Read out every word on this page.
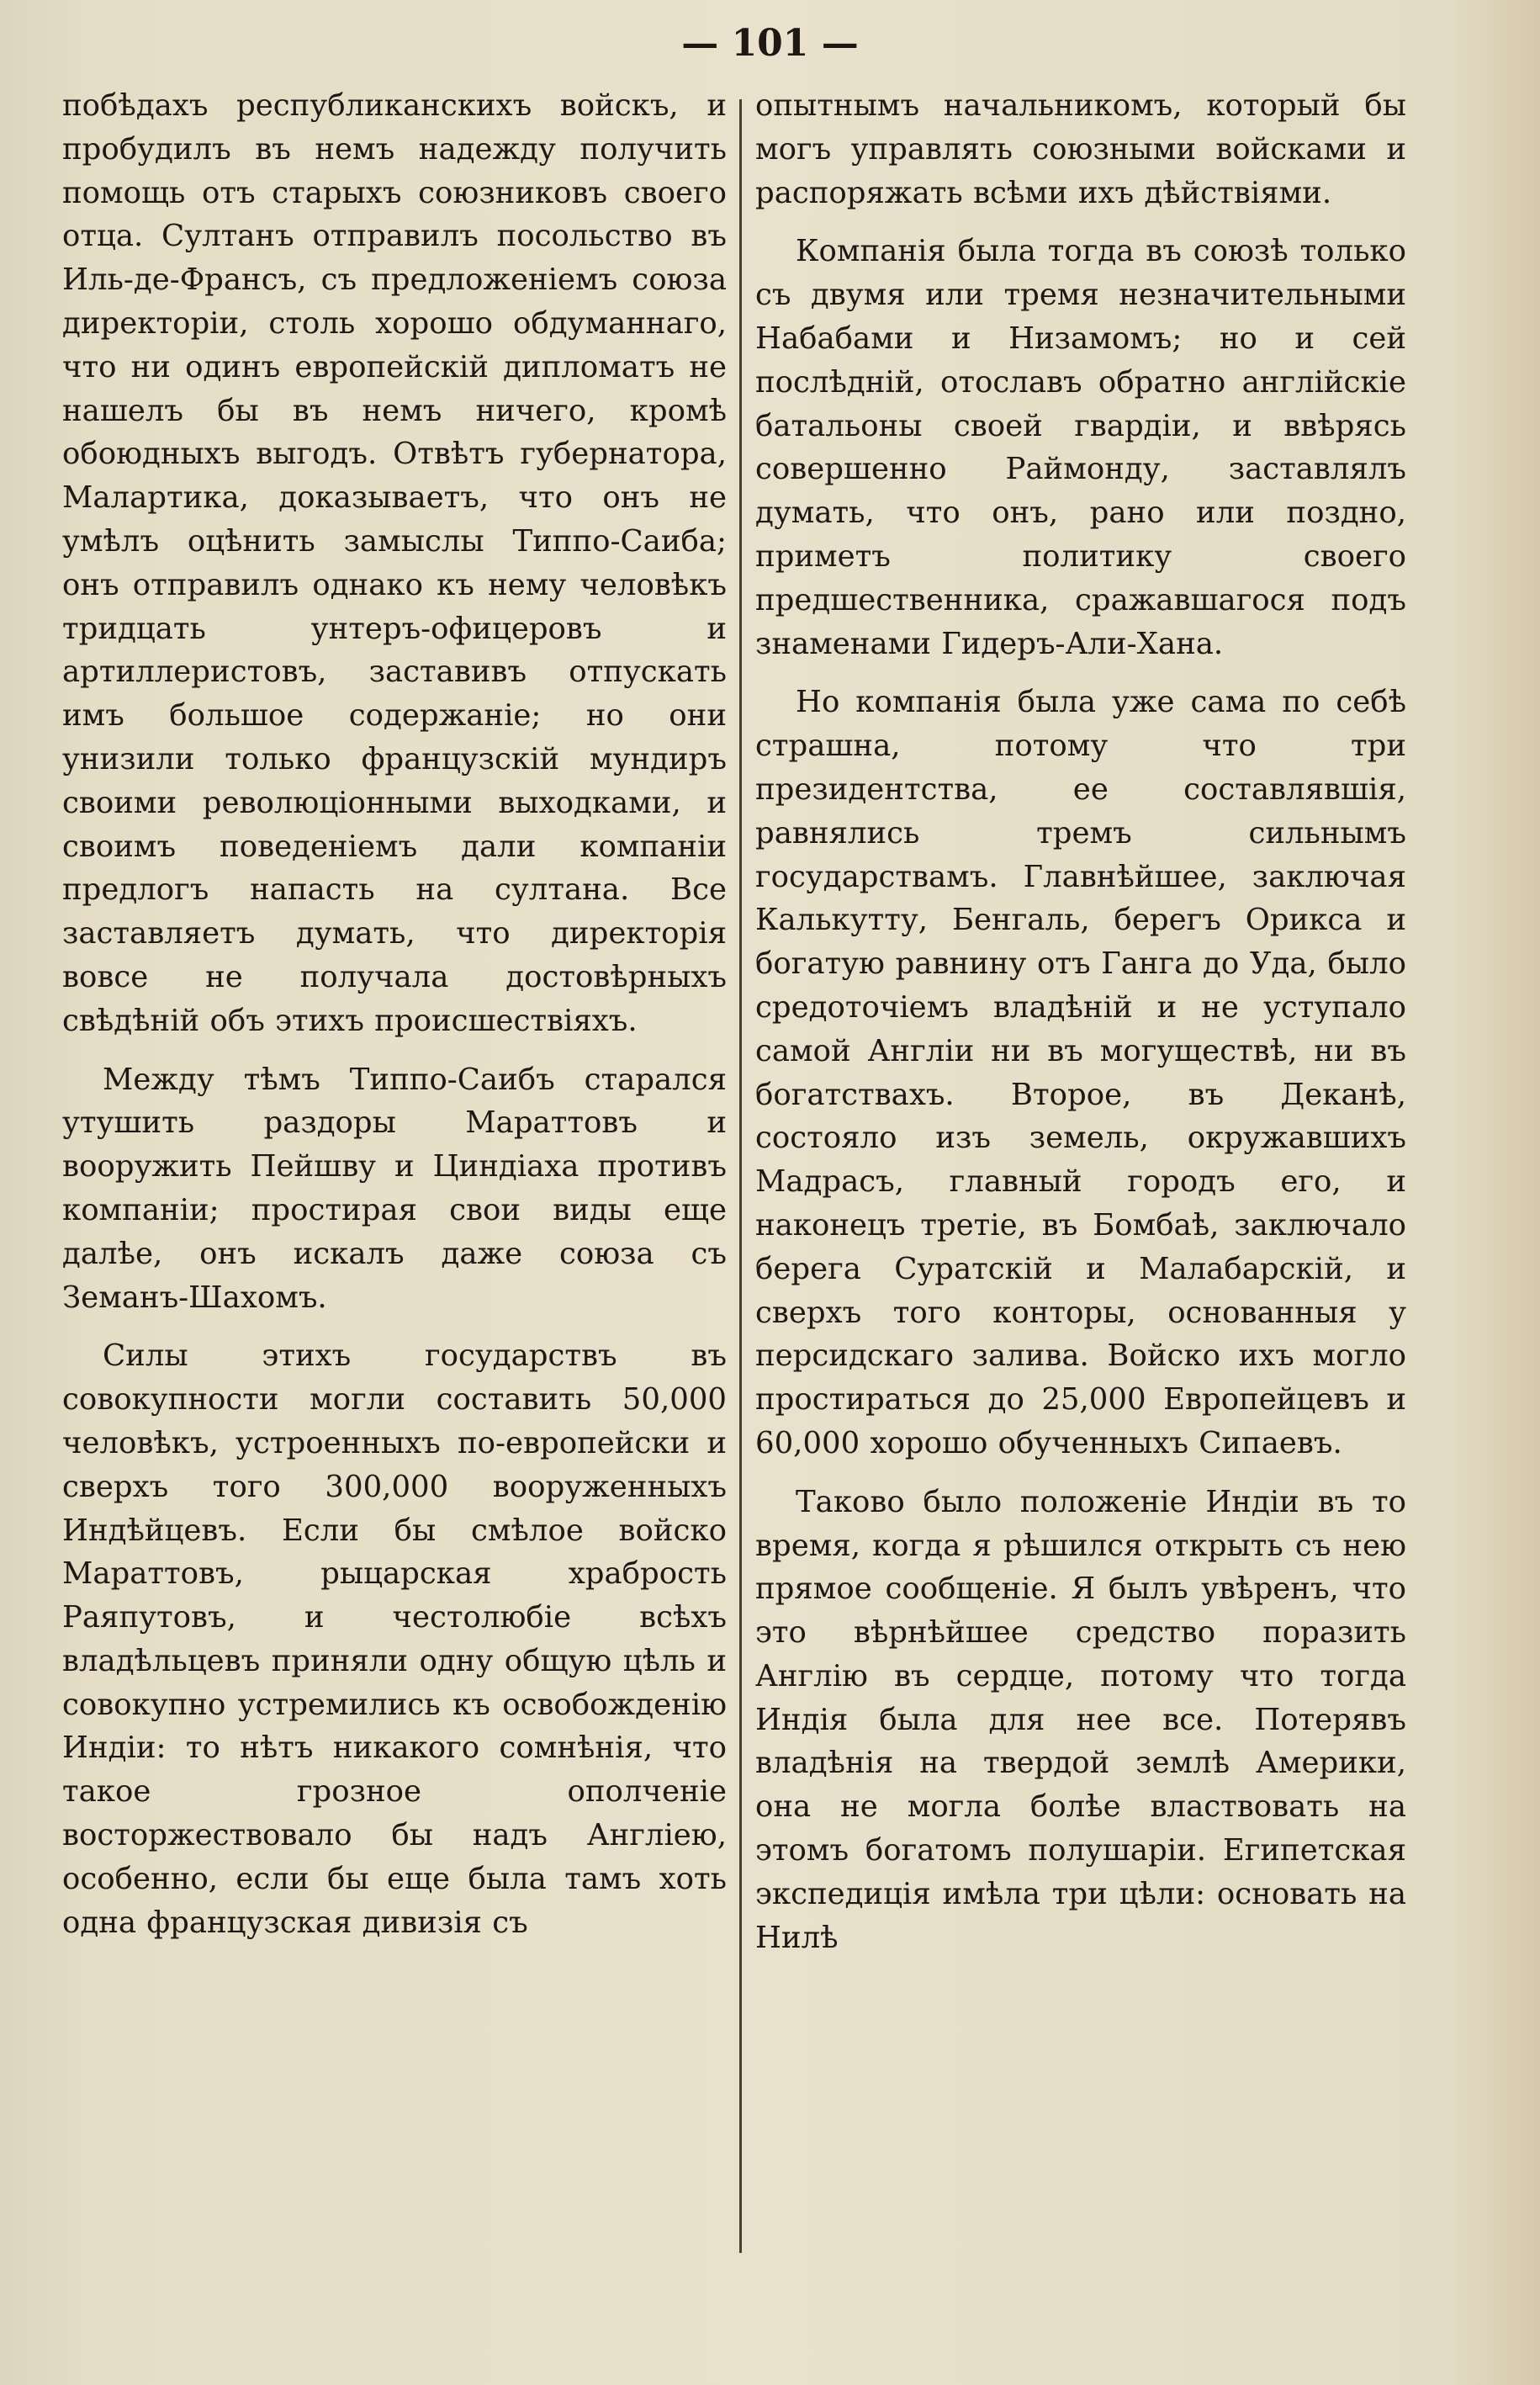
— 101 —

побѣдахъ республиканскихъ войскъ, и пробудилъ въ немъ надежду получить помощь отъ старыхъ союзниковъ своего отца. Султанъ отправилъ посольство въ Иль-де-Франсъ, съ предложеніемъ союза директоріи, столь хорошо обдуманнаго, что ни одинъ европейскій дипломатъ не нашелъ бы въ немъ ничего, кромѣ обоюдныхъ выгодъ. Отвѣтъ губернатора, Малартика, доказываетъ, что онъ не умѣлъ оцѣнить замыслы Типпо-Саиба; онъ отправилъ однако къ нему человѣкъ тридцать унтеръ-офицеровъ и артиллеристовъ, заставивъ отпускать имъ большое содержаніе; но они унизили только французскій мундиръ своими революціонными выходками, и своимъ поведеніемъ дали компаніи предлогъ напасть на султана. Все заставляетъ думать, что директорія вовсе не получала достовѣрныхъ свѣдѣній объ этихъ происшествіяхъ.

Между тѣмъ Типпо-Саибъ старался утушить раздоры Мараттовъ и вооружить Пейшву и Циндіаха противъ компаніи; простирая свои виды еще далѣе, онъ искалъ даже союза съ Земанъ-Шахомъ.

Силы этихъ государствъ въ совокупности могли составить 50,000 человѣкъ, устроенныхъ по-европейски и сверхъ того 300,000 вооруженныхъ Индѣйцевъ. Если бы смѣлое войско Мараттовъ, рыцарская храбрость Раяпутовъ, и честолюбіе всѣхъ владѣльцевъ приняли одну общую цѣль и совокупно устремились къ освобожденію Индіи: то нѣтъ никакого сомнѣнія, что такое грозное ополченіе восторжествовало бы надъ Англіею, особенно, если бы еще была тамъ хоть одна французская дивизія съ

опытнымъ начальникомъ, который бы могъ управлять союзными войсками и распоряжать всѣми ихъ дѣйствіями.

Компанія была тогда въ союзѣ только съ двумя или тремя незначительными Набабами и Низамомъ; но и сей послѣдній, отославъ обратно англійскіе батальоны своей гвардіи, и ввѣрясь совершенно Раймонду, заставлялъ думать, что онъ, рано или поздно, приметъ политику своего предшественника, сражавшагося подъ знаменами Гидеръ-Али-Хана.

Но компанія была уже сама по себѣ страшна, потому что три президентства, ее составлявшія, равнялись тремъ сильнымъ государствамъ. Главнѣйшее, заключая Калькутту, Бенгаль, берегъ Орикса и богатую равнину отъ Ганга до Уда, было средоточіемъ владѣній и не уступало самой Англіи ни въ могуществѣ, ни въ богатствахъ. Второе, въ Деканѣ, состояло изъ земель, окружавшихъ Мадрасъ, главный городъ его, и наконецъ третіе, въ Бомбаѣ, заключало берега Суратскій и Малабарскій, и сверхъ того конторы, основанныя у персидскаго залива. Войско ихъ могло простираться до 25,000 Европейцевъ и 60,000 хорошо обученныхъ Сипаевъ.

Таково было положеніе Индіи въ то время, когда я рѣшился открыть съ нею прямое сообщеніе. Я былъ увѣренъ, что это вѣрнѣйшее средство поразить Англію въ сердце, потому что тогда Индія была для нее все. Потерявъ владѣнія на твердой землѣ Америки, она не могла болѣе властвовать на этомъ богатомъ полушаріи. Египетская экспедиція имѣла три цѣли: основать на Нилѣ
